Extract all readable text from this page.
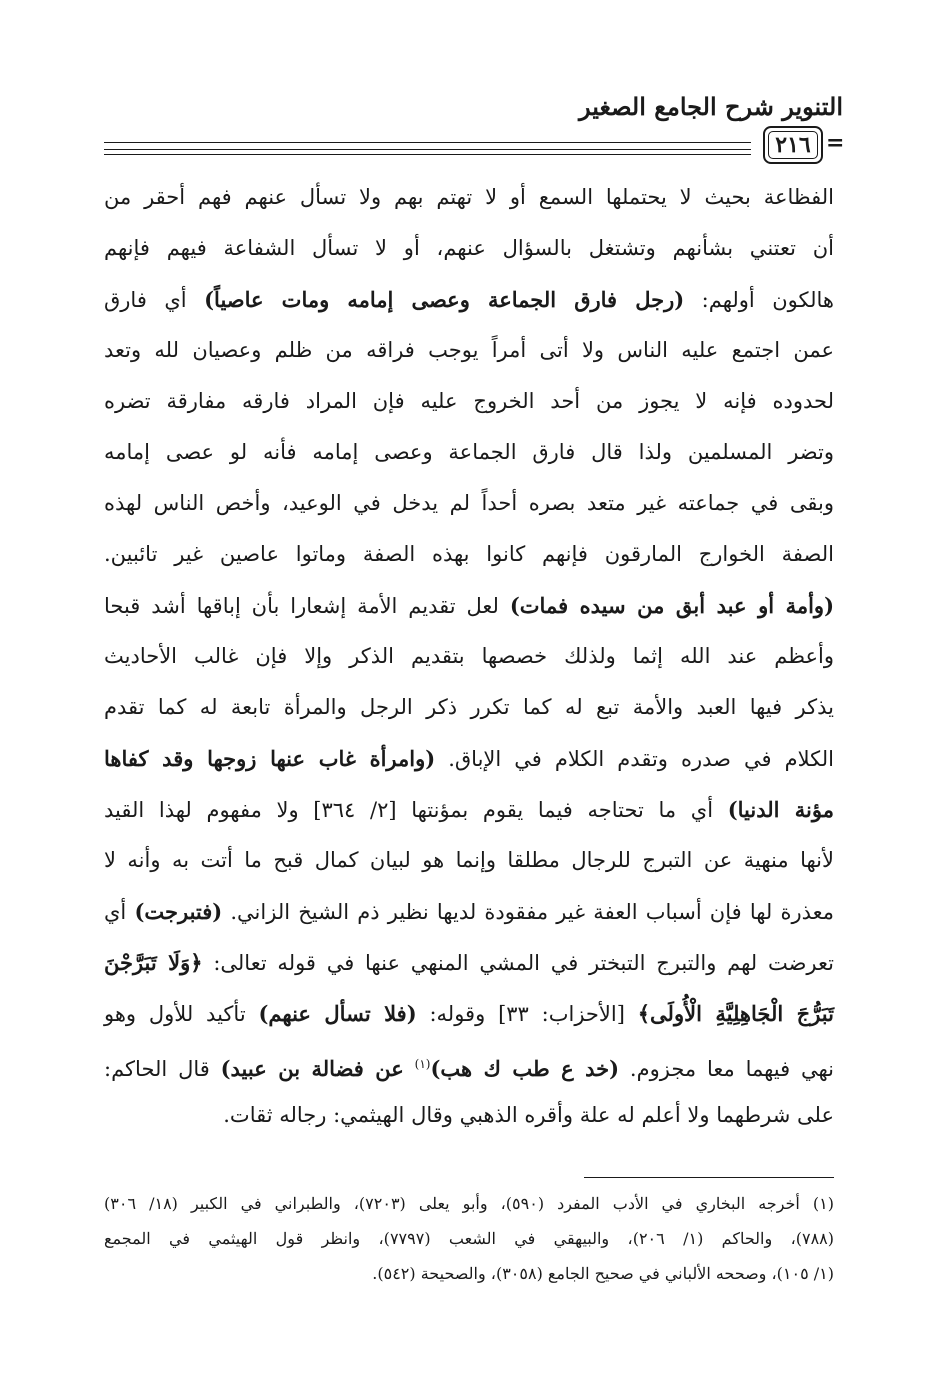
التنوير شرح الجامع الصغير
٢١٦ =
الفظاعة بحيث لا يحتملها السمع أو لا تهتم بهم ولا تسأل عنهم فهم أحقر من
أن تعتني بشأنهم وتشتغل بالسؤال عنهم، أو لا تسأل الشفاعة فيهم فإنهم
هالكون أولهم: (رجل فارق الجماعة وعصى إمامه ومات عاصياً) أي فارق
عمن اجتمع عليه الناس ولا أتى أمراً يوجب فراقه من ظلم وعصيان لله وتعد
لحدوده فإنه لا يجوز من أحد الخروج عليه فإن المراد فارقه مفارقة تضره
وتضر المسلمين ولذا قال فارق الجماعة وعصى إمامه فأنه لو عصى إمامه
وبقى في جماعته غير متعد بصره أحداً لم يدخل في الوعيد، وأخص الناس لهذه
الصفة الخوارج المارقون فإنهم كانوا بهذه الصفة وماتوا عاصين غير تائبين.
(وأمة أو عبد أبق من سيده فمات) لعل تقديم الأمة إشعارا بأن إباقها أشد قبحا
وأعظم عند الله إثما ولذلك خصصها بتقديم الذكر وإلا فإن غالب الأحاديث
يذكر فيها العبد والأمة تبع له كما تكرر ذكر الرجل والمرأة تابعة له كما تقدم
الكلام في صدره وتقدم الكلام في الإباق. (وامرأة غاب عنها زوجها وقد كفاها
مؤنة الدنيا) أي ما تحتاجه فيما يقوم بمؤنتها [٢/ ٣٦٤] ولا مفهوم لهذا القيد
لأنها منهية عن التبرج للرجال مطلقا وإنما هو لبيان كمال قبح ما أتت به وأنه لا
معذرة لها فإن أسباب العفة غير مفقودة لديها نظير ذم الشيخ الزاني. (فتبرجت) أي
تعرضت لهم والتبرج التبختر في المشي المنهي عنها في قوله تعالى: ﴿وَلَا تَبَرَّجْنَ
تَبَرُّجَ الْجَاهِلِيَّةِ الْأُولَى﴾ [الأحزاب: ٣٣] وقوله: (فلا تسأل عنهم) تأكيد للأول وهو
نهي فيهما معا مجزوم. (خد ع طب ك هب)$^{(١)}$ عن فضالة بن عبيد) قال الحاكم:
على شرطهما ولا أعلم له علة وأقره الذهبي وقال الهيثمي: رجاله ثقات.
(١) أخرجه البخاري في الأدب المفرد (٥٩٠)، وأبو يعلى (٧٢٠٣)، والطبراني في الكبير (١٨/ ٣٠٦)
(٧٨٨)، والحاكم (١/ ٢٠٦)، والبيهقي في الشعب (٧٧٩٧)، وانظر قول الهيثمي في المجمع
(١/ ١٠٥)، وصححه الألباني في صحيح الجامع (٣٠٥٨)، والصحيحة (٥٤٢).
